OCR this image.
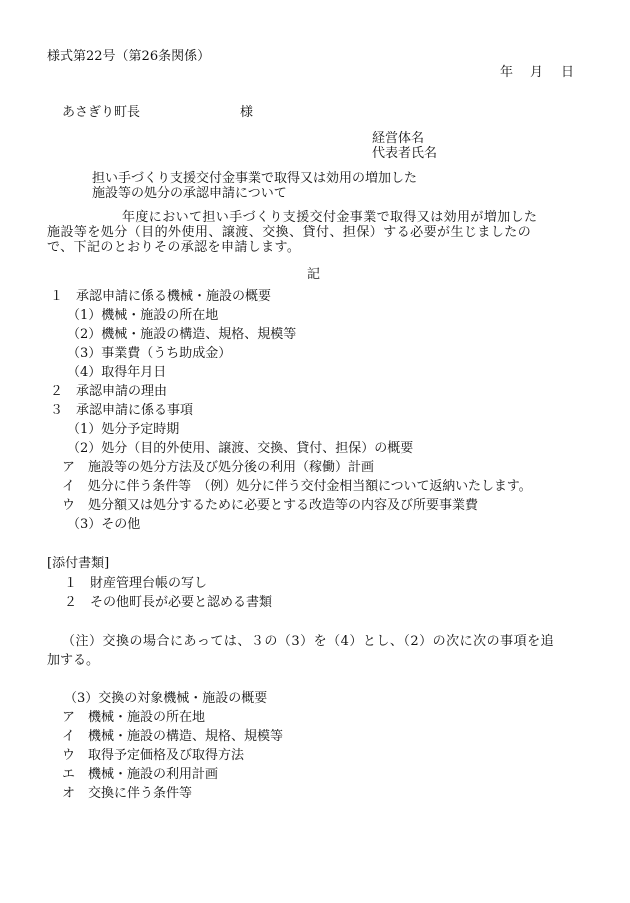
様式第22号（第26条関係）
年 月 日
あさぎり町長	様
経営体名
代表者氏名
担い手づくり支援交付金事業で取得又は効用の増加した
施設等の処分の承認申請について
年度において担い手づくり支援交付金事業で取得又は効用が増加した
施設等を処分（目的外使用、譲渡、交換、貸付、担保）する必要が生じましたの
で、下記のとおりその承認を申請します。
記
１　承認申請に係る機械・施設の概要
（1）機械・施設の所在地
（2）機械・施設の構造、規格、規模等
（3）事業費（うち助成金）
（4）取得年月日
２　承認申請の理由
３　承認申請に係る事項
（1）処分予定時期
（2）処分（目的外使用、譲渡、交換、貸付、担保）の概要
ア　施設等の処分方法及び処分後の利用（稼働）計画
イ　処分に伴う条件等　（例）処分に伴う交付金相当額について返納いたします。
ウ　処分額又は処分するために必要とする改造等の内容及び所要事業費
（3）その他
[添付書類]
１　財産管理台帳の写し
２　その他町長が必要と認める書類
（注）交換の場合にあっては、３の（3）を（4）とし、（2）の次に次の事項を追
加する。
（3）交換の対象機械・施設の概要
ア　機械・施設の所在地
イ　機械・施設の構造、規格、規模等
ウ　取得予定価格及び取得方法
エ　機械・施設の利用計画
オ　交換に伴う条件等
